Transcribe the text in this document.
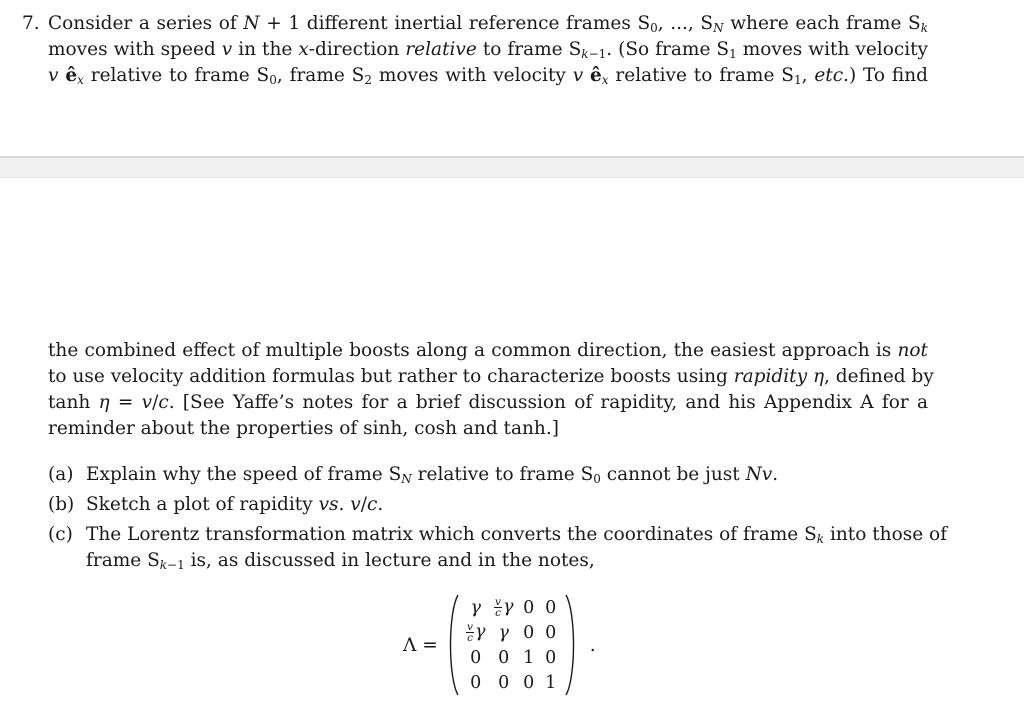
7. Consider a series of N + 1 different inertial reference frames $S_0$, ..., $S_N$ where each frame $S_k$
moves with speed v in the x-direction relative to frame $S_{k-1}$. (So frame $S_1$ moves with velocity
v $ê_x$ relative to frame $S_0$, frame $S_2$ moves with velocity v $ê_x$ relative to frame $S_1$, etc.) To find
the combined effect of multiple boosts along a common direction, the easiest approach is not
to use velocity addition formulas but rather to characterize boosts using rapidity η, defined by
tanh η = v/c. [See Yaffe’s notes for a brief discussion of rapidity, and his Appendix A for a
reminder about the properties of sinh, cosh and tanh.]
(a) Explain why the speed of frame $S_N$ relative to frame $S_0$ cannot be just Nv.
(b) Sketch a plot of rapidity vs. v/c.
(c) The Lorentz transformation matrix which converts the coordinates of frame $S_k$ into those of
frame $S_{k-1}$ is, as discussed in lecture and in the notes,
Λ =
γ $\frac{v}{c}$ γ 0 0
$\frac{v}{c}$ γ γ 0 0
0 0 1 0
0 0 0 1
.
